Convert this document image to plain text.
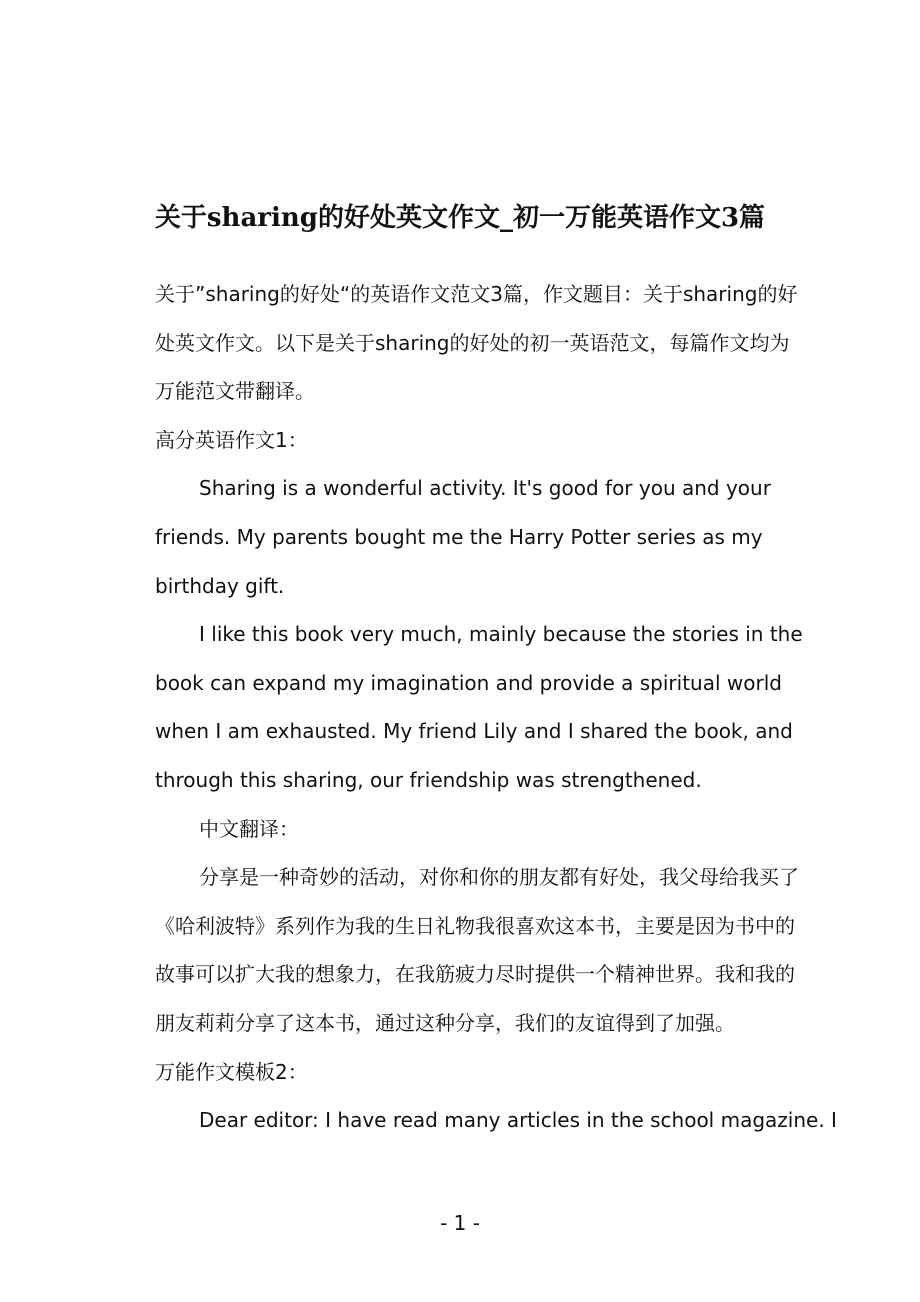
关于sharing的好处英文作文_初一万能英语作文3篇

关于”sharing的好处“的英语作文范文3篇，作文题目：关于sharing的好处英文作文。以下是关于sharing的好处的初一英语范文，每篇作文均为万能范文带翻译。

高分英语作文1：

Sharing is a wonderful activity. It's good for you and your friends. My parents bought me the Harry Potter series as my birthday gift.

I like this book very much, mainly because the stories in the book can expand my imagination and provide a spiritual world when I am exhausted. My friend Lily and I shared the book, and through this sharing, our friendship was strengthened.

中文翻译：

分享是一种奇妙的活动，对你和你的朋友都有好处，我父母给我买了《哈利波特》系列作为我的生日礼物我很喜欢这本书，主要是因为书中的故事可以扩大我的想象力，在我筋疲力尽时提供一个精神世界。我和我的朋友莉莉分享了这本书，通过这种分享，我们的友谊得到了加强。

万能作文模板2：

Dear editor: I have read many articles in the school magazine. I

- 1 -
